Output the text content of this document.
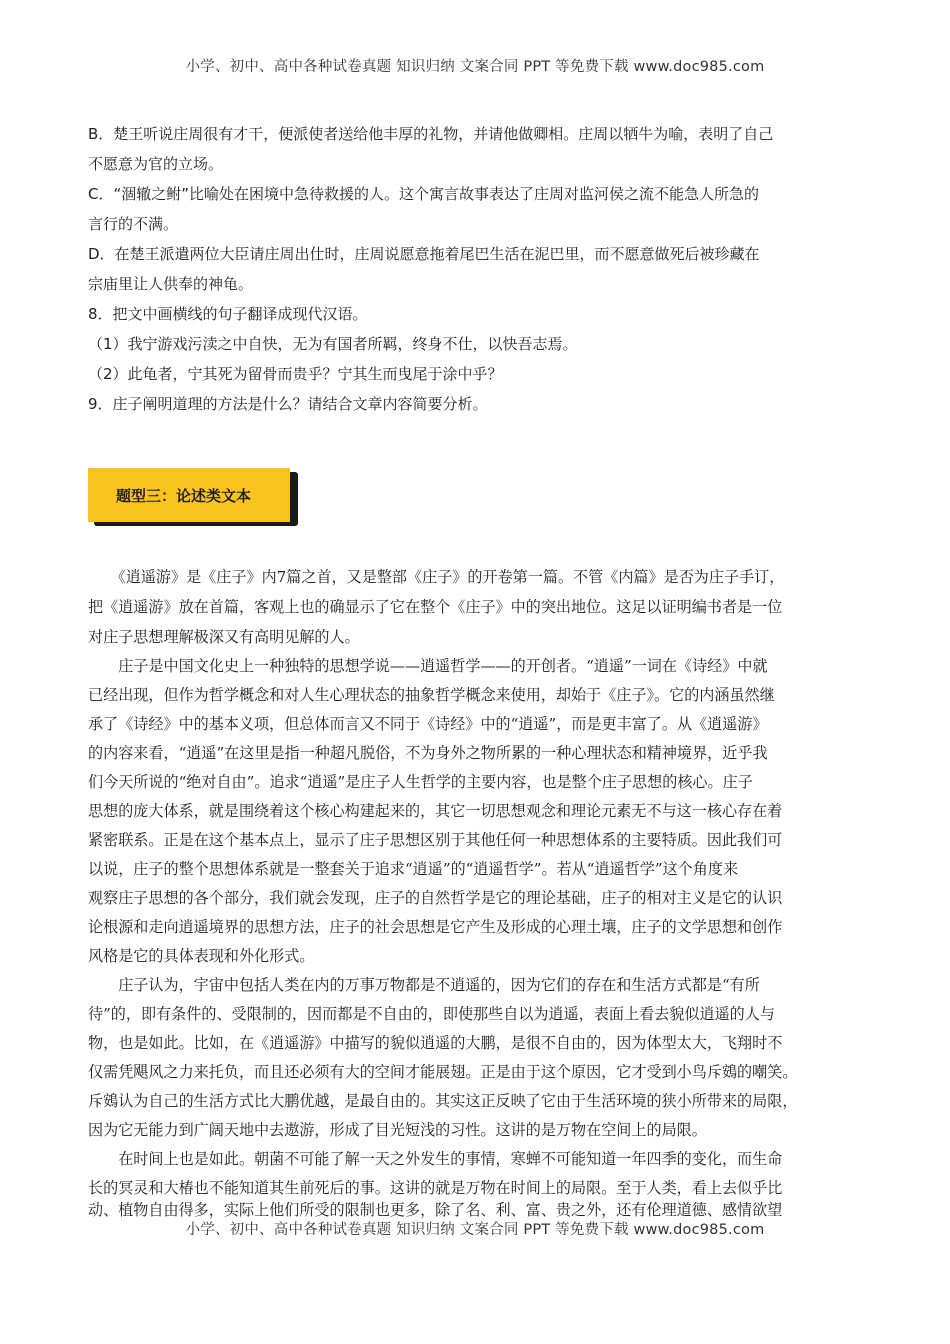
小学、初中、高中各种试卷真题 知识归纳 文案合同 PPT 等免费下载 www.doc985.com
B．楚王听说庄周很有才干，便派使者送给他丰厚的礼物，并请他做卿相。庄周以牺牛为喻，表明了自己
不愿意为官的立场。
C．“涸辙之鲋”比喻处在困境中急待救援的人。这个寓言故事表达了庄周对监河侯之流不能急人所急的
言行的不满。
D．在楚王派遣两位大臣请庄周出仕时，庄周说愿意拖着尾巴生活在泥巴里，而不愿意做死后被珍藏在
宗庙里让人供奉的神龟。
8．把文中画横线的句子翻译成现代汉语。
（1）我宁游戏污渎之中自快，无为有国者所羁，终身不仕，以快吾志焉。
（2）此龟者，宁其死为留骨而贵乎？宁其生而曳尾于涂中乎？
9．庄子阐明道理的方法是什么？请结合文章内容简要分析。
题型三：论述类文本
　　《逍遥游》是《庄子》内7篇之首，又是整部《庄子》的开卷第一篇。不管《内篇》是否为庄子手订，
把《逍遥游》放在首篇，客观上也的确显示了它在整个《庄子》中的突出地位。这足以证明编书者是一位
对庄子思想理解极深又有高明见解的人。
　　庄子是中国文化史上一种独特的思想学说——逍遥哲学——的开创者。“逍遥”一词在《诗经》中就
已经出现，但作为哲学概念和对人生心理状态的抽象哲学概念来使用，却始于《庄子》。它的内涵虽然继
承了《诗经》中的基本义项，但总体而言又不同于《诗经》中的“逍遥”，而是更丰富了。从《逍遥游》
的内容来看，“逍遥”在这里是指一种超凡脱俗，不为身外之物所累的一种心理状态和精神境界，近乎我
们今天所说的“绝对自由”。追求“逍遥”是庄子人生哲学的主要内容，也是整个庄子思想的核心。庄子
思想的庞大体系，就是围绕着这个核心构建起来的，其它一切思想观念和理论元素无不与这一核心存在着
紧密联系。正是在这个基本点上，显示了庄子思想区别于其他任何一种思想体系的主要特质。因此我们可
以说，庄子的整个思想体系就是一整套关于追求“逍遥”的“逍遥哲学”。若从“逍遥哲学”这个角度来
观察庄子思想的各个部分，我们就会发现，庄子的自然哲学是它的理论基础，庄子的相对主义是它的认识
论根源和走向逍遥境界的思想方法，庄子的社会思想是它产生及形成的心理土壤，庄子的文学思想和创作
风格是它的具体表现和外化形式。
　　庄子认为，宇宙中包括人类在内的万事万物都是不逍遥的，因为它们的存在和生活方式都是“有所
待”的，即有条件的、受限制的，因而都是不自由的，即使那些自以为逍遥，表面上看去貌似逍遥的人与
物，也是如此。比如，在《逍遥游》中描写的貌似逍遥的大鹏，是很不自由的，因为体型太大，飞翔时不
仅需凭飓风之力来托负，而且还必须有大的空间才能展翅。正是由于这个原因，它才受到小鸟斥鴳的嘲笑。
斥鴳认为自己的生活方式比大鹏优越，是最自由的。其实这正反映了它由于生活环境的狭小所带来的局限，
因为它无能力到广阔天地中去遨游，形成了目光短浅的习性。这讲的是万物在空间上的局限。
　　在时间上也是如此。朝菌不可能了解一天之外发生的事情，寒蝉不可能知道一年四季的变化，而生命
长的冥灵和大椿也不能知道其生前死后的事。这讲的就是万物在时间上的局限。至于人类，看上去似乎比
动、植物自由得多，实际上他们所受的限制也更多，除了名、利、富、贵之外，还有伦理道德、感情欲望
小学、初中、高中各种试卷真题 知识归纳 文案合同 PPT 等免费下载 www.doc985.com
